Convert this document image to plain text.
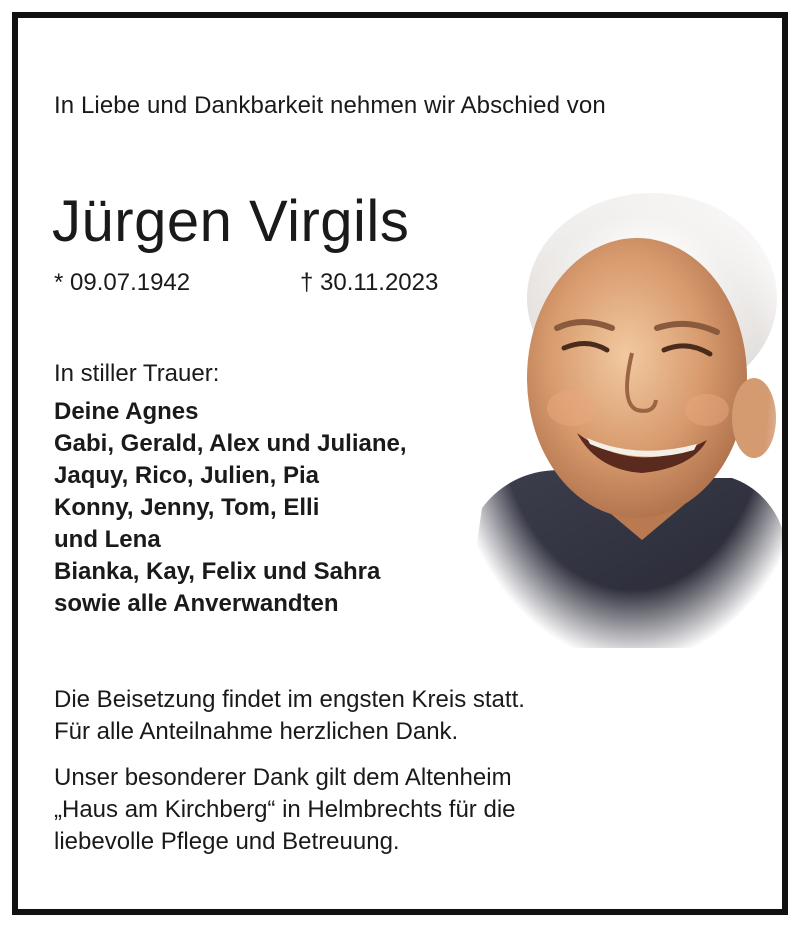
In Liebe und Dankbarkeit nehmen wir Abschied von
Jürgen Virgils
* 09.07.1942	† 30.11.2023
In stiller Trauer:
Deine Agnes
Gabi, Gerald, Alex und Juliane,
Jaquy, Rico, Julien, Pia
Konny, Jenny, Tom, Elli
und Lena
Bianka, Kay, Felix und Sahra
sowie alle Anverwandten
Die Beisetzung findet im engsten Kreis statt.
Für alle Anteilnahme herzlichen Dank.
Unser besonderer Dank gilt dem Altenheim
„Haus am Kirchberg“ in Helmbrechts für die
liebevolle Pflege und Betreuung.
